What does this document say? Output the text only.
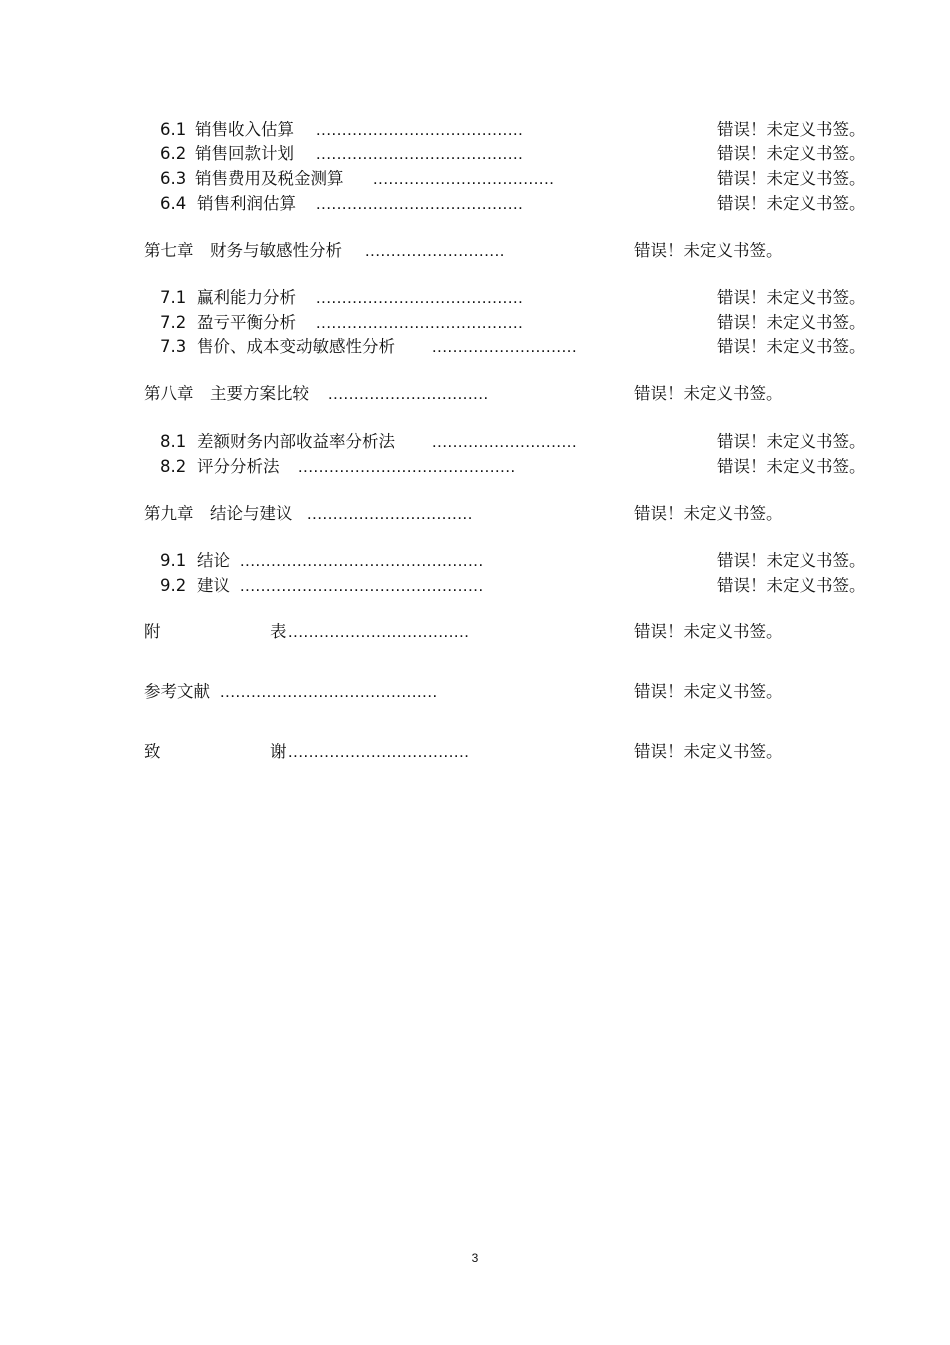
6.1 销售收入估算 ........................................	错误！未定义书签。
6.2 销售回款计划 ........................................	错误！未定义书签。
6.3 销售费用及税金测算 ...................................	错误！未定义书签。
6.4 销售利润估算 ........................................	错误！未定义书签。
第七章　财务与敏感性分析 ...........................	错误！未定义书签。
7.1 赢利能力分析 ........................................	错误！未定义书签。
7.2 盈亏平衡分析 ........................................	错误！未定义书签。
7.3 售价、成本变动敏感性分析 ............................	错误！未定义书签。
第八章　主要方案比较 ...............................	错误！未定义书签。
8.1 差额财务内部收益率分析法 ............................	错误！未定义书签。
8.2 评分分析法 ..........................................	错误！未定义书签。
第九章　结论与建议 ................................	错误！未定义书签。
9.1 结论 ...............................................	错误！未定义书签。
9.2 建议 ...............................................	错误！未定义书签。
附	表 ...................................	错误！未定义书签。
参考文献 ..........................................	错误！未定义书签。
致	谢 ...................................	错误！未定义书签。
3
